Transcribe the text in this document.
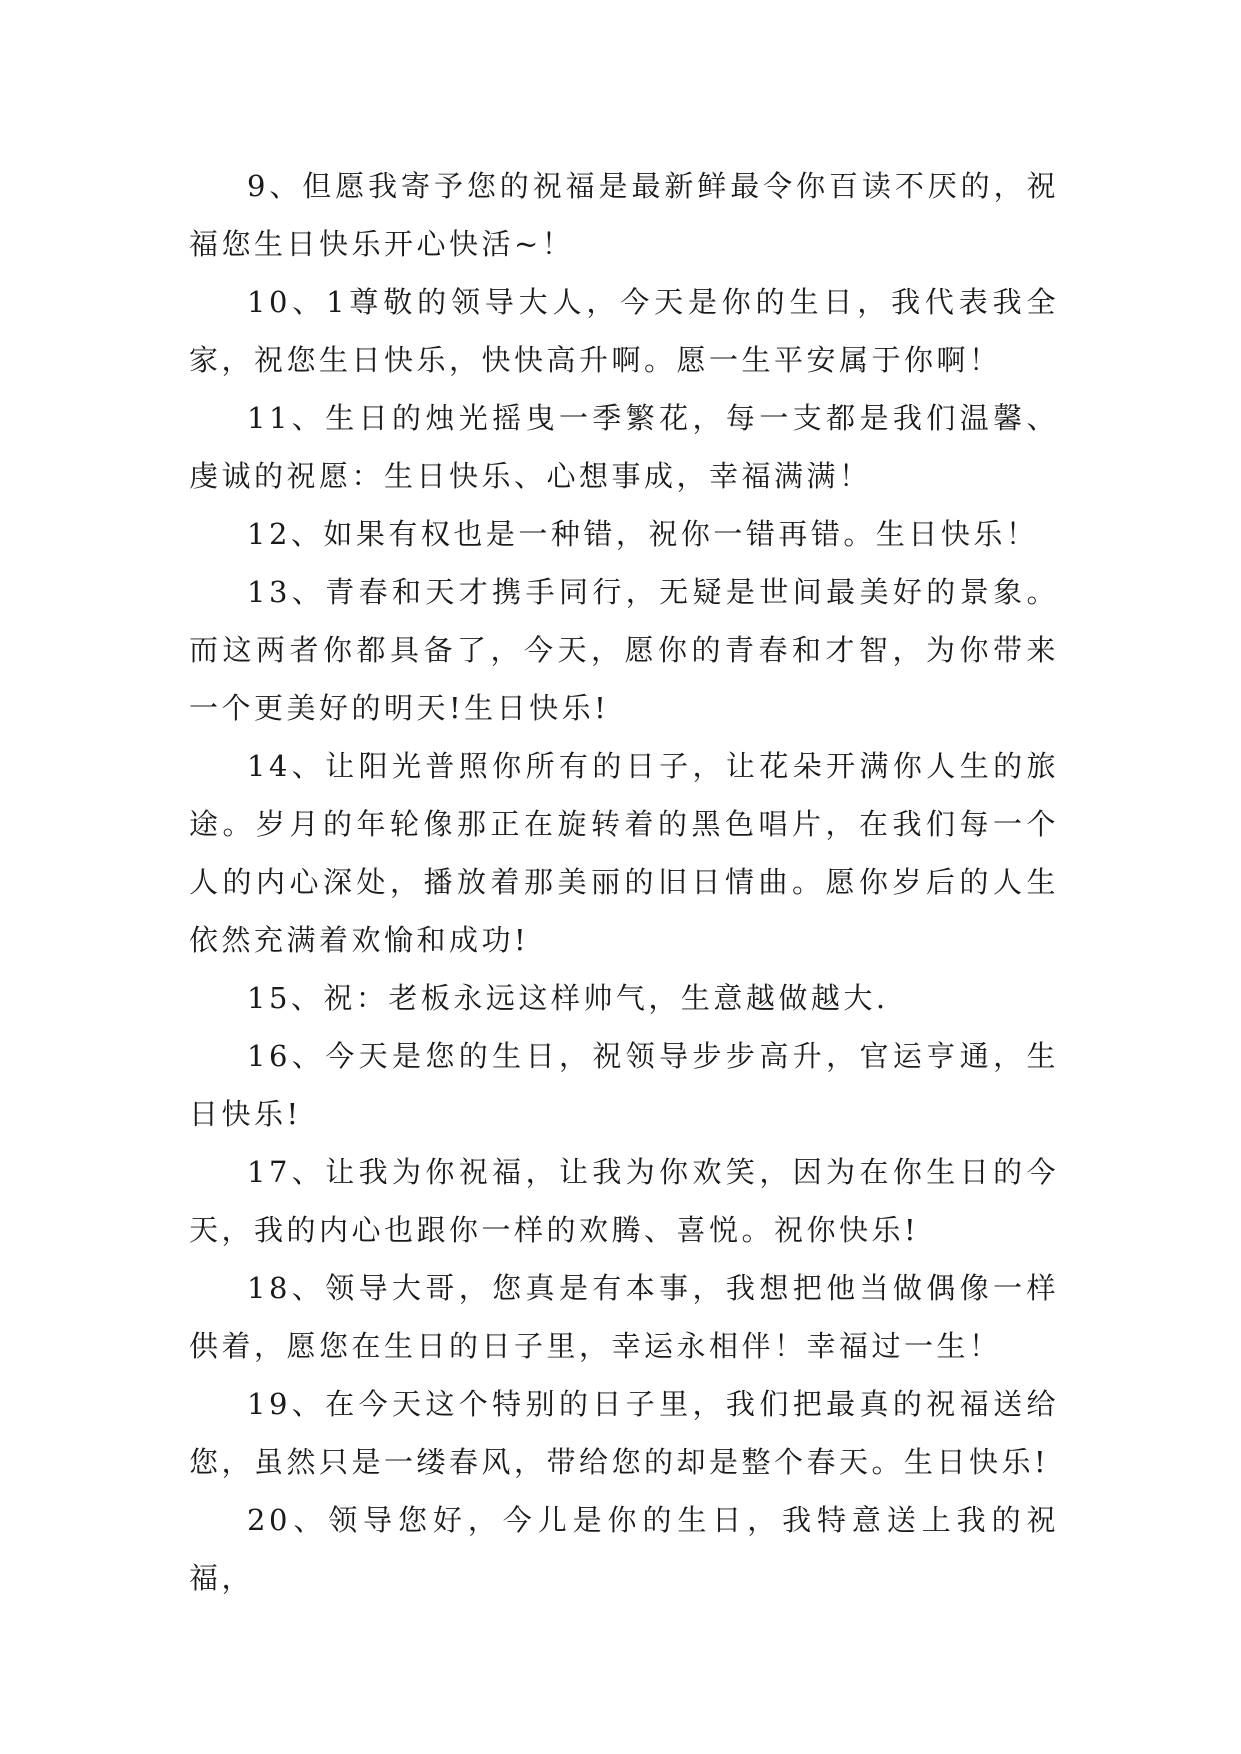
9、但愿我寄予您的祝福是最新鲜最令你百读不厌的，祝福您生日快乐开心快活~！

10、1尊敬的领导大人，今天是你的生日，我代表我全家，祝您生日快乐，快快高升啊。愿一生平安属于你啊！

11、生日的烛光摇曳一季繁花，每一支都是我们温馨、虔诚的祝愿：生日快乐、心想事成，幸福满满！

12、如果有权也是一种错，祝你一错再错。生日快乐！

13、青春和天才携手同行，无疑是世间最美好的景象。而这两者你都具备了，今天，愿你的青春和才智，为你带来一个更美好的明天!生日快乐!

14、让阳光普照你所有的日子，让花朵开满你人生的旅途。岁月的年轮像那正在旋转着的黑色唱片，在我们每一个人的内心深处，播放着那美丽的旧日情曲。愿你岁后的人生依然充满着欢愉和成功!

15、祝：老板永远这样帅气，生意越做越大.

16、今天是您的生日，祝领导步步高升，官运亨通，生日快乐!

17、让我为你祝福，让我为你欢笑，因为在你生日的今天，我的内心也跟你一样的欢腾、喜悦。祝你快乐!

18、领导大哥，您真是有本事，我想把他当做偶像一样供着，愿您在生日的日子里，幸运永相伴！幸福过一生！

19、在今天这个特别的日子里，我们把最真的祝福送给您，虽然只是一缕春风，带给您的却是整个春天。生日快乐!

20、领导您好，今儿是你的生日，我特意送上我的祝福，
